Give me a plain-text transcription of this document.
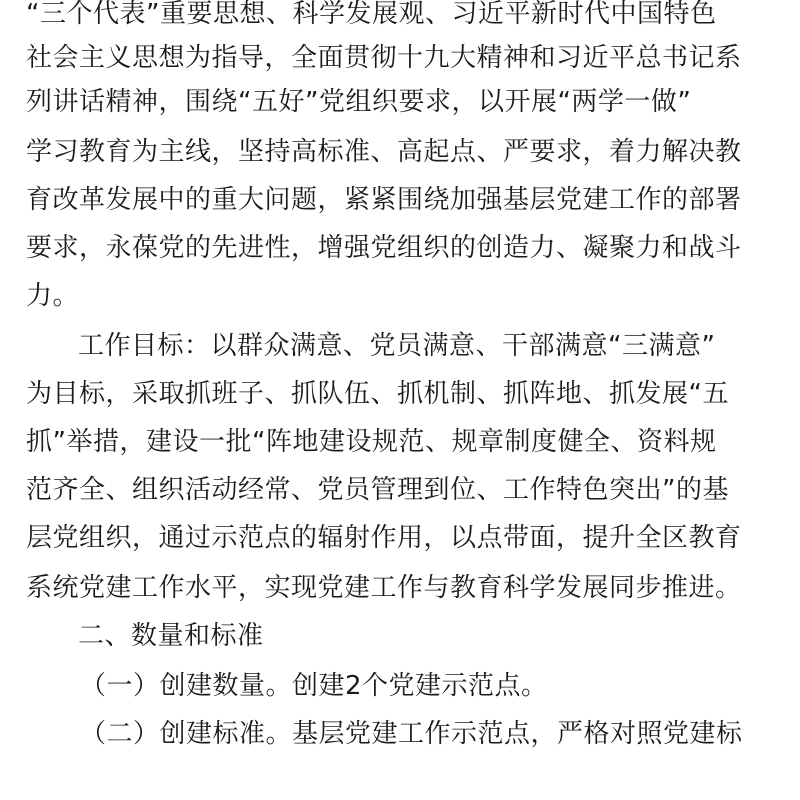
“三个代表”重要思想、科学发展观、习近平新时代中国特色
社会主义思想为指导，全面贯彻十九大精神和习近平总书记系
列讲话精神，围绕“五好”党组织要求，以开展“两学一做”
学习教育为主线，坚持高标准、高起点、严要求，着力解决教
育改革发展中的重大问题，紧紧围绕加强基层党建工作的部署
要求，永葆党的先进性，增强党组织的创造力、凝聚力和战斗
力。
工作目标：以群众满意、党员满意、干部满意“三满意”
为目标，采取抓班子、抓队伍、抓机制、抓阵地、抓发展“五
抓”举措，建设一批“阵地建设规范、规章制度健全、资料规
范齐全、组织活动经常、党员管理到位、工作特色突出”的基
层党组织，通过示范点的辐射作用，以点带面，提升全区教育
系统党建工作水平，实现党建工作与教育科学发展同步推进。
二、数量和标准
（一）创建数量。创建2个党建示范点。
（二）创建标准。基层党建工作示范点，严格对照党建标
